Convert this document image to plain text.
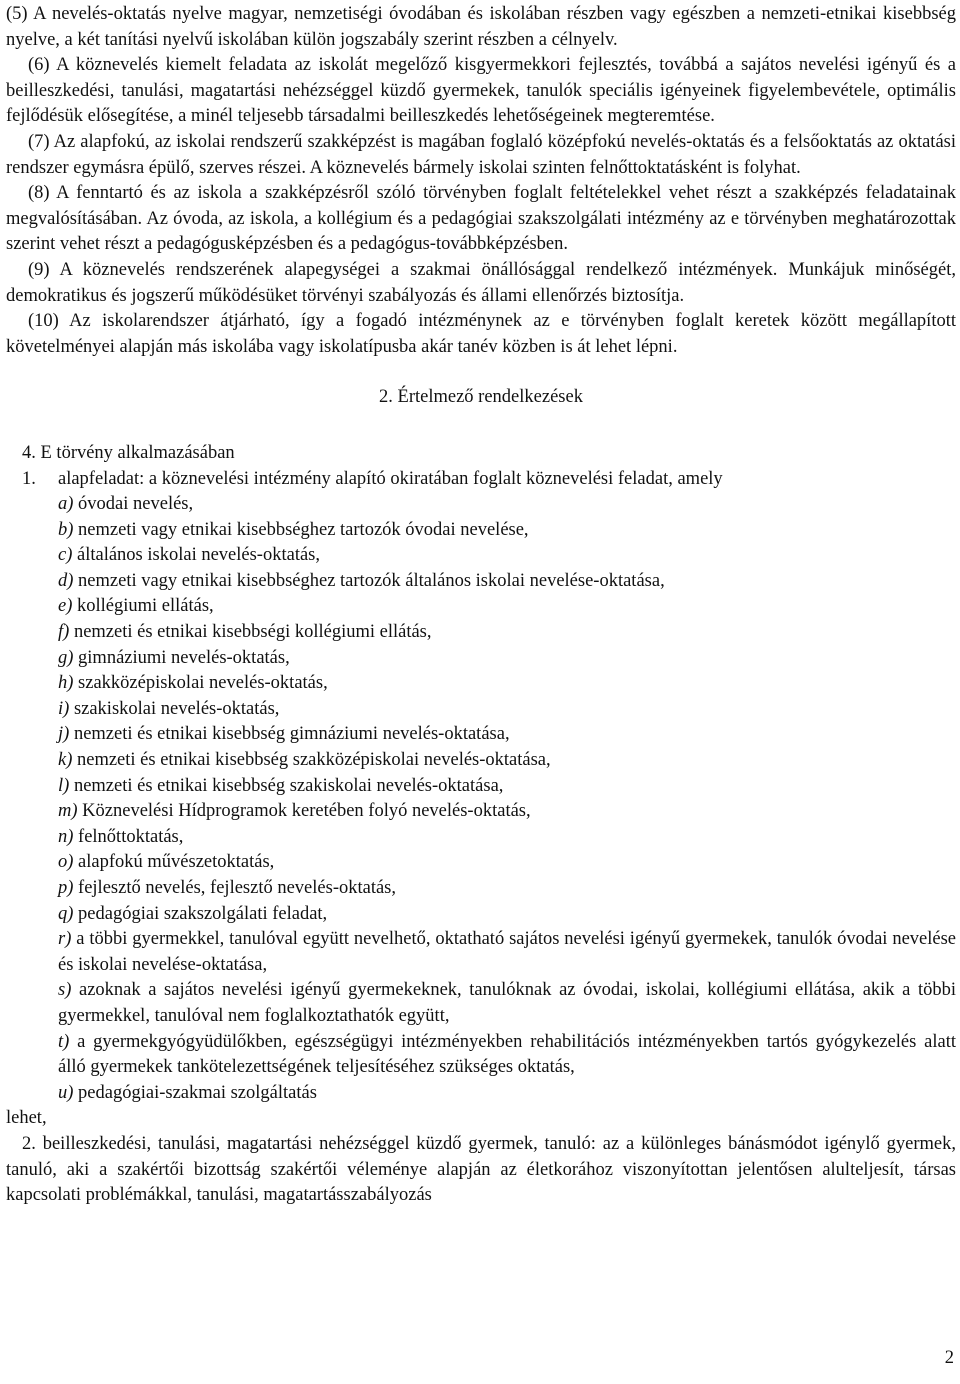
(5) A nevelés-oktatás nyelve magyar, nemzetiségi óvodában és iskolában részben vagy egészben a nemzeti-etnikai kisebbség nyelve, a két tanítási nyelvű iskolában külön jogszabály szerint részben a célnyelv.

(6) A köznevelés kiemelt feladata az iskolát megelőző kisgyermekkori fejlesztés, továbbá a sajátos nevelési igényű és a beilleszkedési, tanulási, magatartási nehézséggel küzdő gyermekek, tanulók speciális igényeinek figyelembevétele, optimális fejlődésük elősegítése, a minél teljesebb társadalmi beilleszkedés lehetőségeinek megteremtése.

(7) Az alapfokú, az iskolai rendszerű szakképzést is magában foglaló középfokú nevelés-oktatás és a felsőoktatás az oktatási rendszer egymásra épülő, szerves részei. A köznevelés bármely iskolai szinten felnőttoktatásként is folyhat.

(8) A fenntartó és az iskola a szakképzésről szóló törvényben foglalt feltételekkel vehet részt a szakképzés feladatainak megvalósításában. Az óvoda, az iskola, a kollégium és a pedagógiai szakszolgálati intézmény az e törvényben meghatározottak szerint vehet részt a pedagógusképzésben és a pedagógus-továbbképzésben.

(9) A köznevelés rendszerének alapegységei a szakmai önállósággal rendelkező intézmények. Munkájuk minőségét, demokratikus és jogszerű működésüket törvényi szabályozás és állami ellenőrzés biztosítja.

(10) Az iskolarendszer átjárható, így a fogadó intézménynek az e törvényben foglalt keretek között megállapított követelményei alapján más iskolába vagy iskolatípusba akár tanév közben is át lehet lépni.

2. Értelmező rendelkezések

4. E törvény alkalmazásában

1. alapfeladat: a köznevelési intézmény alapító okiratában foglalt köznevelési feladat, amely

a) óvodai nevelés,
b) nemzeti vagy etnikai kisebbséghez tartozók óvodai nevelése,
c) általános iskolai nevelés-oktatás,
d) nemzeti vagy etnikai kisebbséghez tartozók általános iskolai nevelése-oktatása,
e) kollégiumi ellátás,
f) nemzeti és etnikai kisebbségi kollégiumi ellátás,
g) gimnáziumi nevelés-oktatás,
h) szakközépiskolai nevelés-oktatás,
i) szakiskolai nevelés-oktatás,
j) nemzeti és etnikai kisebbség gimnáziumi nevelés-oktatása,
k) nemzeti és etnikai kisebbség szakközépiskolai nevelés-oktatása,
l) nemzeti és etnikai kisebbség szakiskolai nevelés-oktatása,
m) Köznevelési Hídprogramok keretében folyó nevelés-oktatás,
n) felnőttoktatás,
o) alapfokú művészetoktatás,
p) fejlesztő nevelés, fejlesztő nevelés-oktatás,
q) pedagógiai szakszolgálati feladat,
r) a többi gyermekkel, tanulóval együtt nevelhető, oktatható sajátos nevelési igényű gyermekek, tanulók óvodai nevelése és iskolai nevelése-oktatása,
s) azoknak a sajátos nevelési igényű gyermekeknek, tanulóknak az óvodai, iskolai, kollégiumi ellátása, akik a többi gyermekkel, tanulóval nem foglalkoztathatók együtt,
t) a gyermekgyógyüdülőkben, egészségügyi intézményekben rehabilitációs intézményekben tartós gyógykezelés alatt álló gyermekek tankötelezettségének teljesítéséhez szükséges oktatás,
u) pedagógiai-szakmai szolgáltatás

lehet,

2. beilleszkedési, tanulási, magatartási nehézséggel küzdő gyermek, tanuló: az a különleges bánásmódot igénylő gyermek, tanuló, aki a szakértői bizottság szakértői véleménye alapján az életkorához viszonyítottan jelentősen alulteljesít, társas kapcsolati problémákkal, tanulási, magatartásszabályozás

2
